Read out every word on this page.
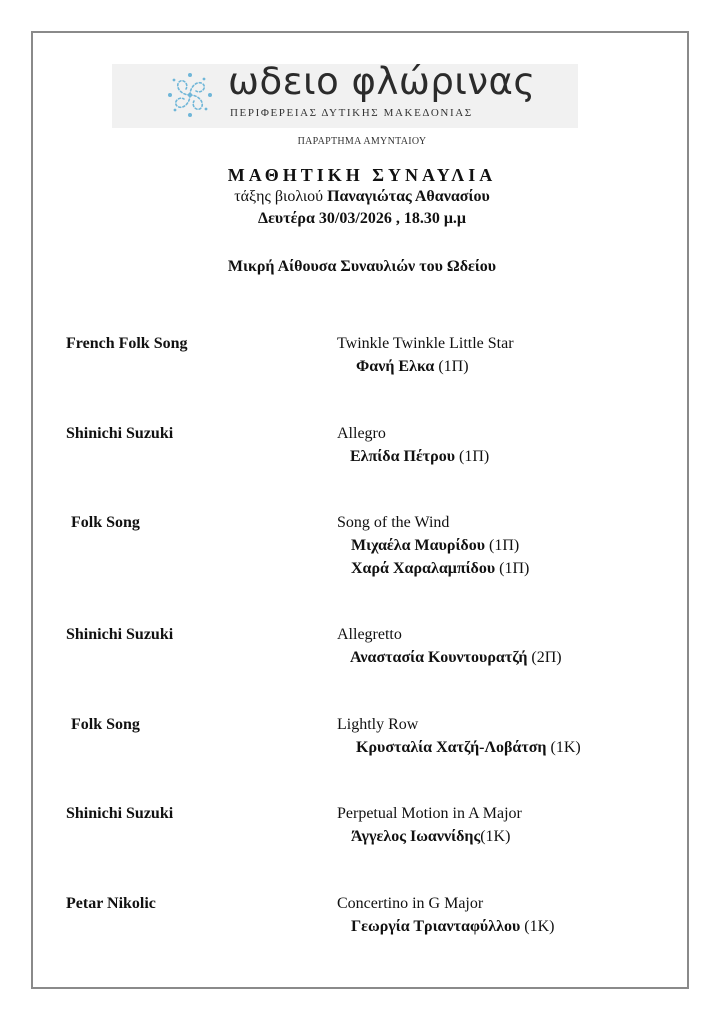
ωδειο φλώρινας
ΠΕΡΙΦΕΡΕΙΑΣ ΔΥΤΙΚΗΣ ΜΑΚΕΔΟΝΙΑΣ
ΠΑΡΑΡΤΗΜΑ ΑΜΥΝΤΑΙΟΥ
ΜΑΘΗΤΙΚΗ ΣΥΝΑΥΛΙΑ
τάξης βιολιού Παναγιώτας Αθανασίου
Δευτέρα 30/03/2026 , 18.30 μ.μ
Μικρή Αίθουσα Συναυλιών του Ωδείου
French Folk Song	Twinkle Twinkle Little Star
Φανή Ελκα (1Π)
Shinichi Suzuki	Allegro
Ελπίδα Πέτρου (1Π)
Folk Song	Song of the Wind
Μιχαέλα Μαυρίδου (1Π)
Χαρά Χαραλαμπίδου (1Π)
Shinichi Suzuki	Allegretto
Αναστασία Κουντουρατζή (2Π)
Folk Song	Lightly Row
Κρυσταλία Χατζή-Λοβάτση (1Κ)
Shinichi Suzuki	Perpetual Motion in A Major
Άγγελος Ιωαννίδης(1Κ)
Petar Nikolic	Concertino in G Major
Γεωργία Τριανταφύλλου (1Κ)
